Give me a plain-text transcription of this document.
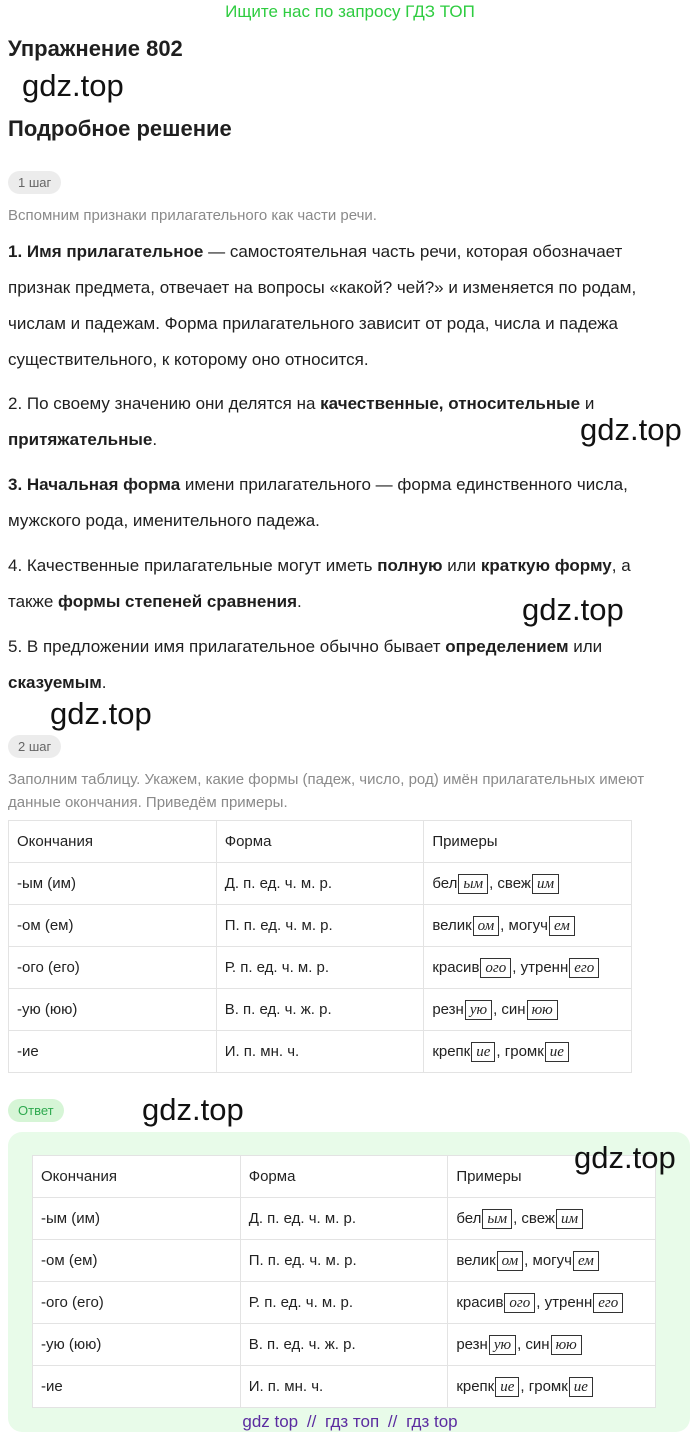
Ищите нас по запросу ГДЗ ТОП
Упражнение 802
gdz.top
Подробное решение
1 шаг

Вспомним признаки прилагательного как части речи.

1. Имя прилагательное — самостоятельная часть речи, которая обозначает признак предмета, отвечает на вопросы «какой? чей?» и изменяется по родам, числам и падежам. Форма прилагательного зависит от рода, числа и падежа существительного, к которому оно относится.

2. По своему значению они делятся на качественные, относительные и притяжательные.	gdz.top

3. Начальная форма имени прилагательного — форма единственного числа, мужского рода, именительного падежа.

4. Качественные прилагательные могут иметь полную или краткую форму, а также формы степеней сравнения.	gdz.top

5. В предложении имя прилагательное обычно бывает определением или сказуемым.

gdz.top
2 шаг

Заполним таблицу. Укажем, какие формы (падеж, число, род) имён прилагательных имеют данные окончания. Приведём примеры.

Окончания	Форма	Примеры
-ым (им)	Д. п. ед. ч. м. р.	бел ым , свеж им
-ом (ем)	П. п. ед. ч. м. р.	велик ом , могуч ем
-ого (его)	Р. п. ед. ч. м. р.	красив ого , утренн его
-ую (юю)	В. п. ед. ч. ж. р.	резн ую , син юю
-ие	И. п. мн. ч.	крепк ие , громк ие
Ответ	gdz.top
Окончания	Форма	Примеры
-ым (им)	Д. п. ед. ч. м. р.	бел ым , свеж им
-ом (ем)	П. п. ед. ч. м. р.	велик ом , могуч ем
-ого (его)	Р. п. ед. ч. м. р.	красив ого , утренн его
-ую (юю)	В. п. ед. ч. ж. р.	резн ую , син юю
-ие	И. п. мн. ч.	крепк ие , громк ие
gdz.top
gdz top // гдз топ // гдз top
